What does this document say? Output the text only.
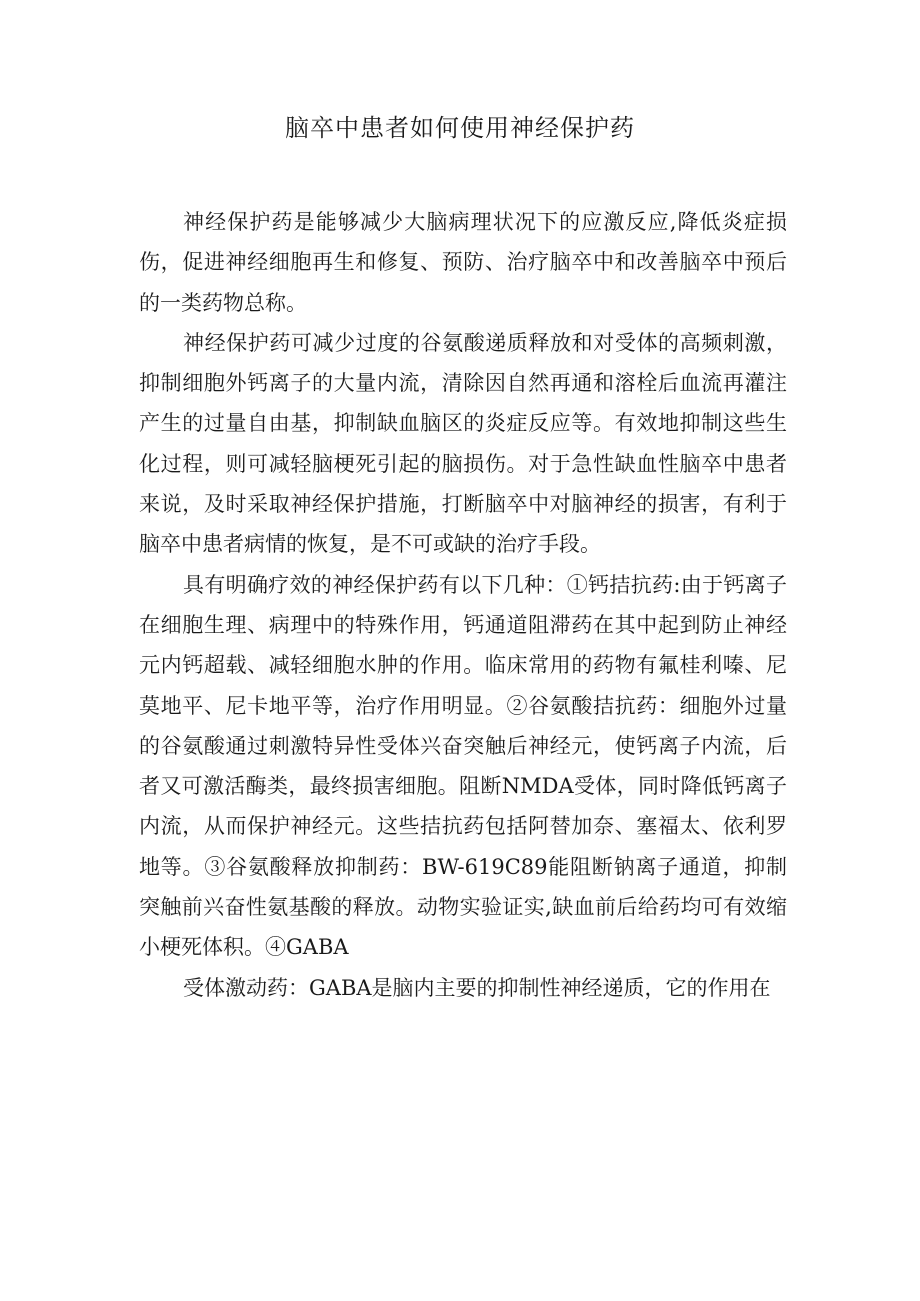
脑卒中患者如何使用神经保护药

神经保护药是能够减少大脑病理状况下的应激反应,降低炎症损伤，促进神经细胞再生和修复、预防、治疗脑卒中和改善脑卒中预后的一类药物总称。

神经保护药可减少过度的谷氨酸递质释放和对受体的高频刺激，抑制细胞外钙离子的大量内流，清除因自然再通和溶栓后血流再灌注产生的过量自由基，抑制缺血脑区的炎症反应等。有效地抑制这些生化过程，则可减轻脑梗死引起的脑损伤。对于急性缺血性脑卒中患者来说，及时采取神经保护措施，打断脑卒中对脑神经的损害，有利于脑卒中患者病情的恢复，是不可或缺的治疗手段。

具有明确疗效的神经保护药有以下几种：①钙拮抗药:由于钙离子在细胞生理、病理中的特殊作用，钙通道阻滞药在其中起到防止神经元内钙超载、减轻细胞水肿的作用。临床常用的药物有氟桂利嗪、尼莫地平、尼卡地平等，治疗作用明显。②谷氨酸拮抗药：细胞外过量的谷氨酸通过刺激特异性受体兴奋突触后神经元，使钙离子内流，后者又可激活酶类，最终损害细胞。阻断NMDA受体，同时降低钙离子内流，从而保护神经元。这些拮抗药包括阿替加奈、塞福太、依利罗地等。③谷氨酸释放抑制药：BW-619C89能阻断钠离子通道，抑制突触前兴奋性氨基酸的释放。动物实验证实,缺血前后给药均可有效缩小梗死体积。④GABA

受体激动药：GABA是脑内主要的抑制性神经递质，它的作用在
